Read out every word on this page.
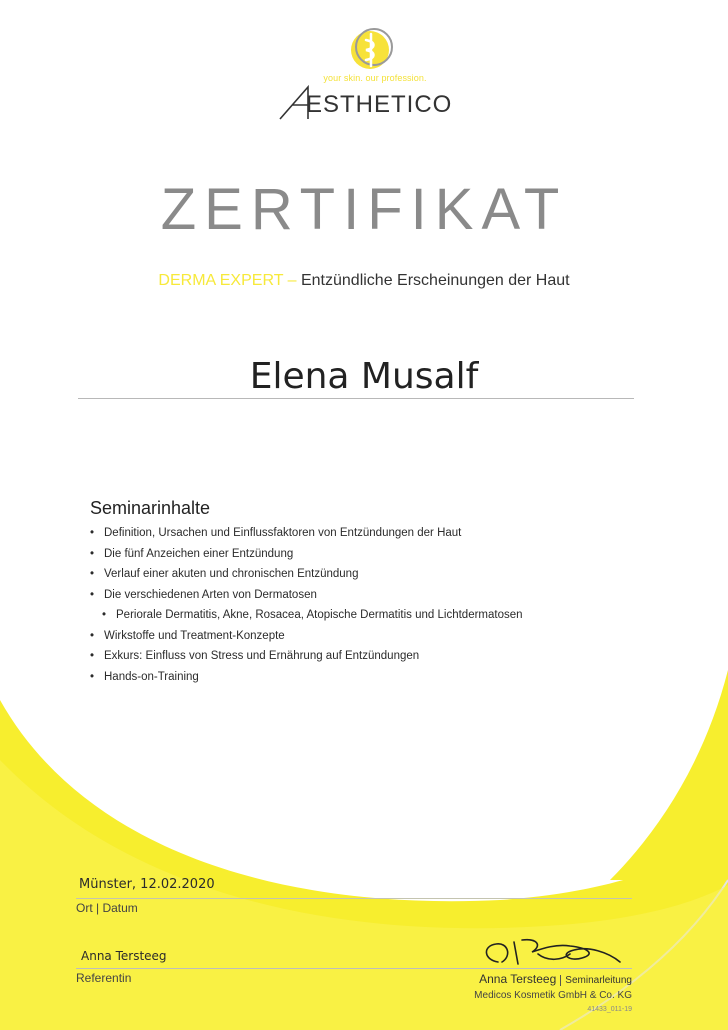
your skin. our profession.
ESTHETICO
ZERTIFIKAT
DERMA EXPERT – Entzündliche Erscheinungen der Haut
Elena Musalf
Seminarinhalte
• Definition, Ursachen und Einflussfaktoren von Entzündungen der Haut
• Die fünf Anzeichen einer Entzündung
• Verlauf einer akuten und chronischen Entzündung
• Die verschiedenen Arten von Dermatosen
• Periorale Dermatitis, Akne, Rosacea, Atopische Dermatitis und Lichtdermatosen
• Wirkstoffe und Treatment-Konzepte
• Exkurs: Einfluss von Stress und Ernährung auf Entzündungen
• Hands-on-Training
Münster, 12.02.2020
Ort | Datum
Anna Tersteeg
Referentin	Anna Tersteeg Seminarleitung
Medicos Kosmetik GmbH & Co. KG
41433_011-19
